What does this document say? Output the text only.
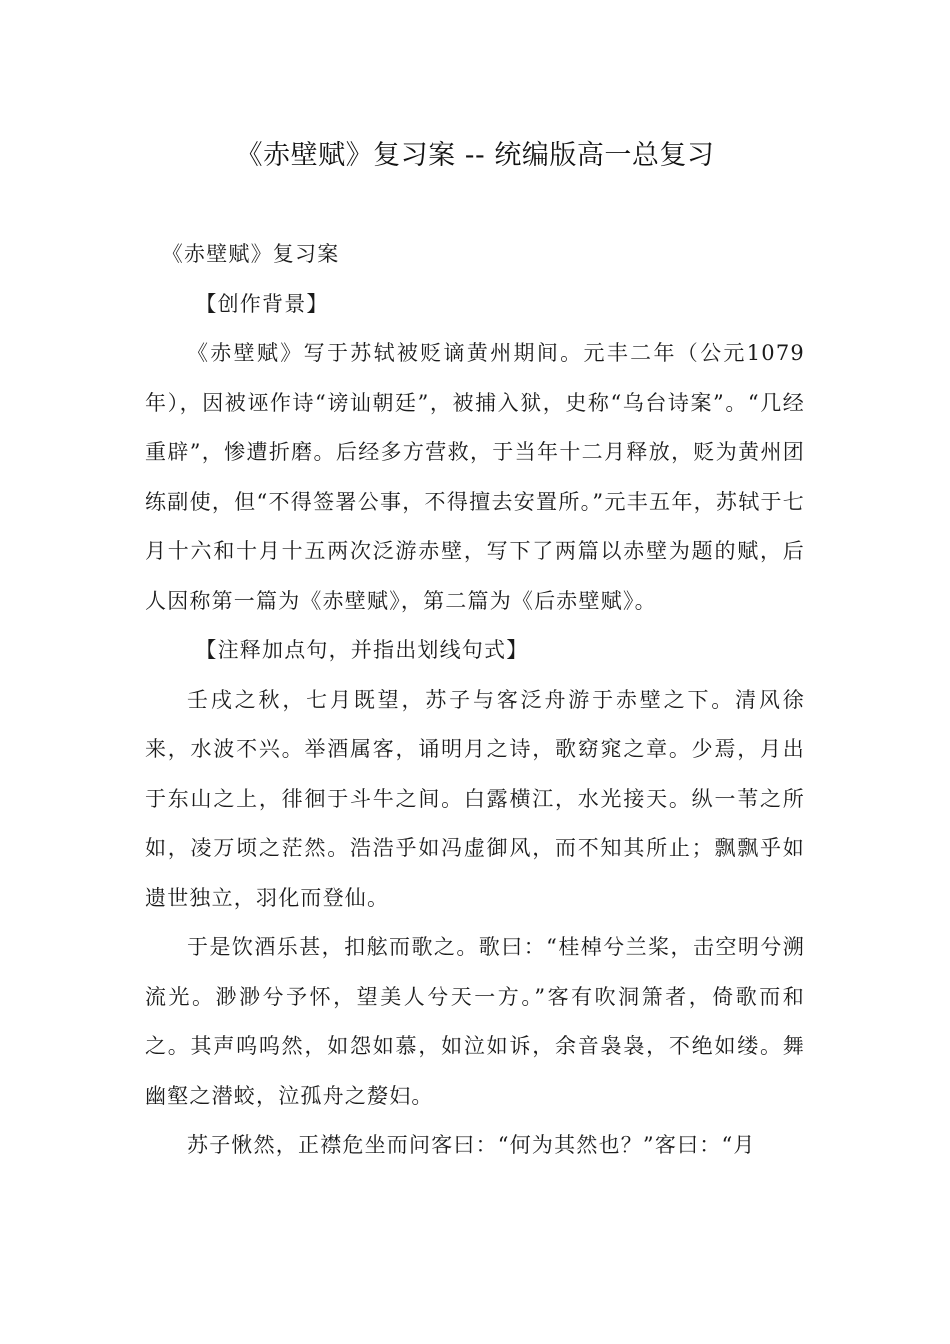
《赤壁赋》复习案 -- 统编版高一总复习

《赤壁赋》复习案

【创作背景】

《赤壁赋》写于苏轼被贬谪黄州期间。元丰二年（公元1079年），因被诬作诗“谤讪朝廷”，被捕入狱，史称“乌台诗案”。“几经重辟”，惨遭折磨。后经多方营救，于当年十二月释放，贬为黄州团练副使，但“不得签署公事，不得擅去安置所。”元丰五年，苏轼于七月十六和十月十五两次泛游赤壁，写下了两篇以赤壁为题的赋，后人因称第一篇为《赤壁赋》，第二篇为《后赤壁赋》。

【注释加点句，并指出划线句式】

壬戌之秋，七月既望，苏子与客泛舟游于赤壁之下。清风徐来，水波不兴。举酒属客，诵明月之诗，歌窈窕之章。少焉，月出于东山之上，徘徊于斗牛之间。白露横江，水光接天。纵一苇之所如，凌万顷之茫然。浩浩乎如冯虚御风，而不知其所止；飘飘乎如遗世独立，羽化而登仙。

于是饮酒乐甚，扣舷而歌之。歌曰：“桂棹兮兰桨，击空明兮溯流光。渺渺兮予怀，望美人兮天一方。”客有吹洞箫者，倚歌而和之。其声呜呜然，如怨如慕，如泣如诉，余音袅袅，不绝如缕。舞幽壑之潜蛟，泣孤舟之嫠妇。

苏子愀然，正襟危坐而问客曰：“何为其然也？”客曰：“月
